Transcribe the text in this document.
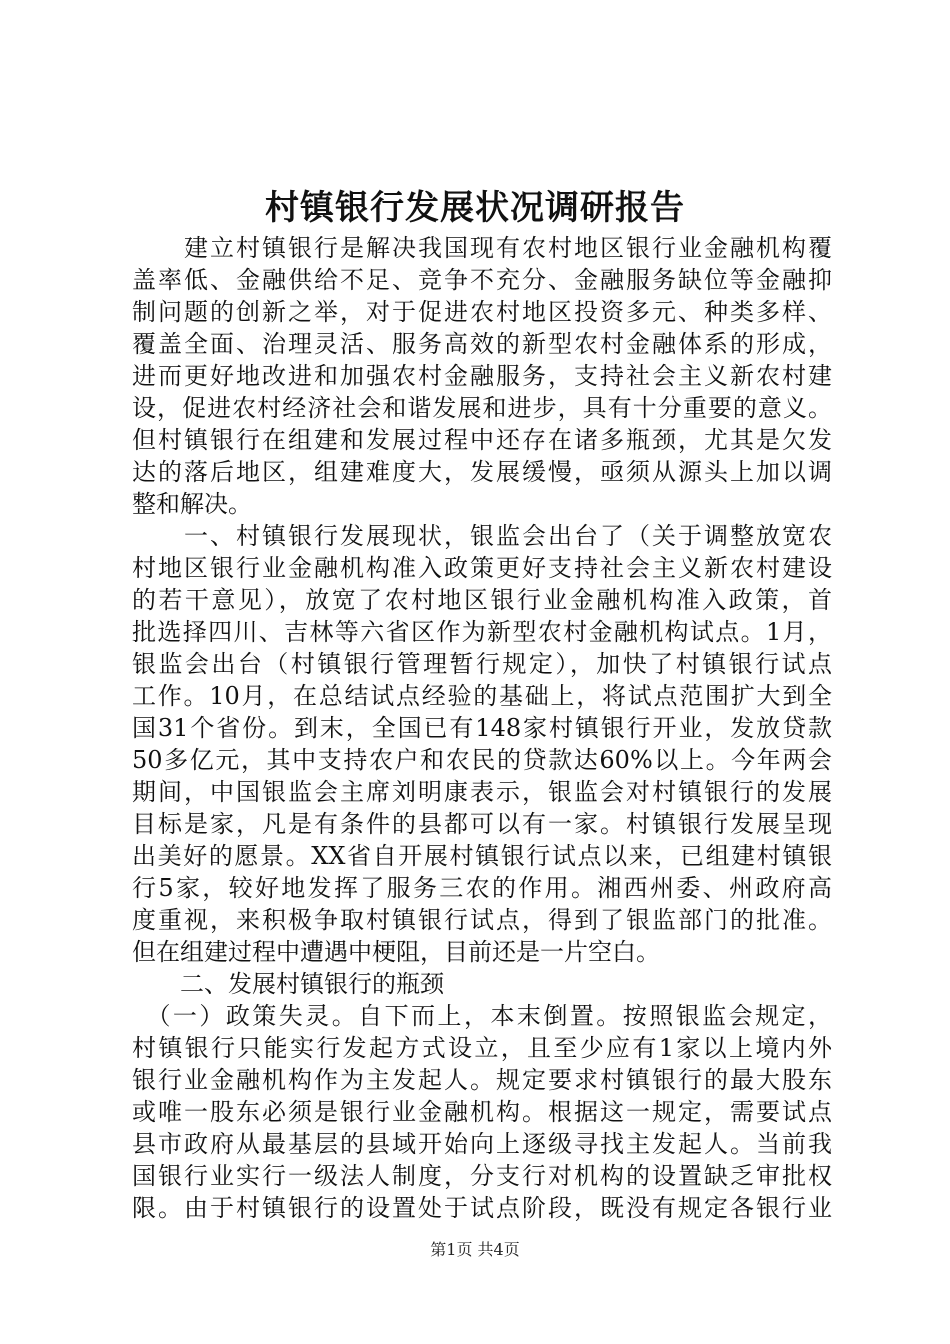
村镇银行发展状况调研报告
　　建立村镇银行是解决我国现有农村地区银行业金融机构覆
盖率低、金融供给不足、竞争不充分、金融服务缺位等金融抑
制问题的创新之举，对于促进农村地区投资多元、种类多样、
覆盖全面、治理灵活、服务高效的新型农村金融体系的形成，
进而更好地改进和加强农村金融服务，支持社会主义新农村建
设，促进农村经济社会和谐发展和进步，具有十分重要的意义。
但村镇银行在组建和发展过程中还存在诸多瓶颈，尤其是欠发
达的落后地区，组建难度大，发展缓慢，亟须从源头上加以调
整和解决。
　　一、村镇银行发展现状，银监会出台了（关于调整放宽农
村地区银行业金融机构准入政策更好支持社会主义新农村建设
的若干意见），放宽了农村地区银行业金融机构准入政策，首
批选择四川、吉林等六省区作为新型农村金融机构试点。1月，
银监会出台（村镇银行管理暂行规定），加快了村镇银行试点
工作。10月，在总结试点经验的基础上，将试点范围扩大到全
国31个省份。到末，全国已有148家村镇银行开业，发放贷款
50多亿元，其中支持农户和农民的贷款达60%以上。今年两会
期间，中国银监会主席刘明康表示，银监会对村镇银行的发展
目标是家，凡是有条件的县都可以有一家。村镇银行发展呈现
出美好的愿景。XX省自开展村镇银行试点以来，已组建村镇银
行5家，较好地发挥了服务三农的作用。湘西州委、州政府高
度重视，来积极争取村镇银行试点，得到了银监部门的批准。
但在组建过程中遭遇中梗阻，目前还是一片空白。
　　二、发展村镇银行的瓶颈
　（一）政策失灵。自下而上，本末倒置。按照银监会规定，
村镇银行只能实行发起方式设立，且至少应有1家以上境内外
银行业金融机构作为主发起人。规定要求村镇银行的最大股东
或唯一股东必须是银行业金融机构。根据这一规定，需要试点
县市政府从最基层的县域开始向上逐级寻找主发起人。当前我
国银行业实行一级法人制度，分支行对机构的设置缺乏审批权
限。由于村镇银行的设置处于试点阶段，既没有规定各银行业
第1页 共4页
